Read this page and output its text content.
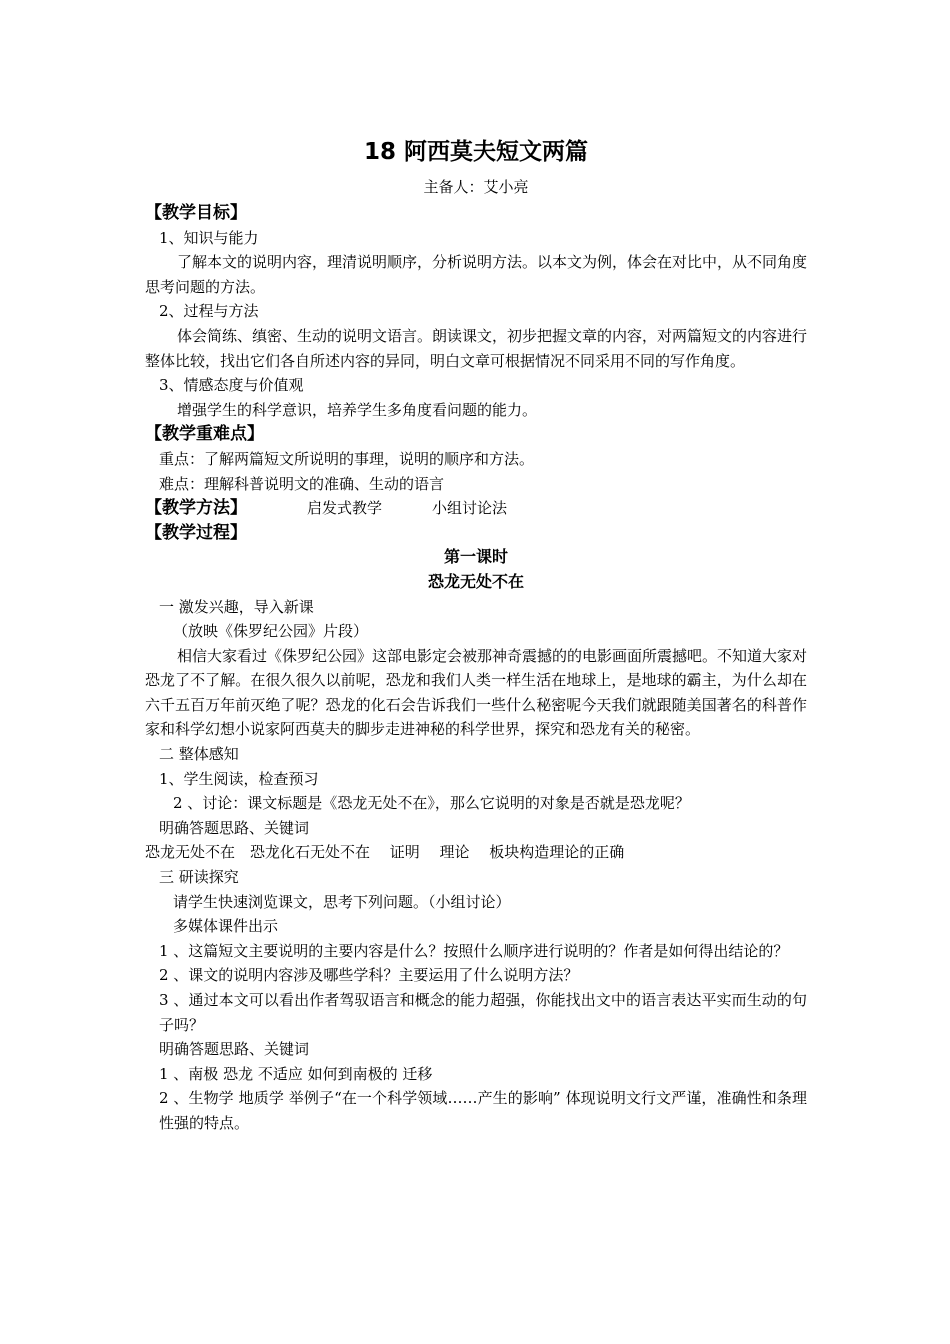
18 阿西莫夫短文两篇
主备人：艾小亮
【教学目标】
1、知识与能力
了解本文的说明内容，理清说明顺序，分析说明方法。以本文为例，体会在对比中，从不同角度思考问题的方法。
2、过程与方法
体会简练、缜密、生动的说明文语言。朗读课文，初步把握文章的内容，对两篇短文的内容进行整体比较，找出它们各自所述内容的异同，明白文章可根据情况不同采用不同的写作角度。
3、情感态度与价值观
增强学生的科学意识，培养学生多角度看问题的能力。
【教学重难点】
重点：了解两篇短文所说明的事理，说明的顺序和方法。
难点：理解科普说明文的准确、生动的语言
【教学方法】	启发式教学	小组讨论法
【教学过程】
第一课时
恐龙无处不在
一 激发兴趣，导入新课
（放映《侏罗纪公园》片段）
相信大家看过《侏罗纪公园》这部电影定会被那神奇震撼的的电影画面所震撼吧。不知道大家对恐龙了不了解。在很久很久以前呢，恐龙和我们人类一样生活在地球上，是地球的霸主，为什么却在六千五百万年前灭绝了呢？恐龙的化石会告诉我们一些什么秘密呢今天我们就跟随美国著名的科普作家和科学幻想小说家阿西莫夫的脚步走进神秘的科学世界，探究和恐龙有关的秘密。
二 整体感知
1、学生阅读，检查预习
2 、讨论：课文标题是《恐龙无处不在》，那么它说明的对象是否就是恐龙呢？
明确答题思路、关键词
恐龙无处不在　恐龙化石无处不在　 证明　 理论　 板块构造理论的正确
三 研读探究
请学生快速浏览课文，思考下列问题。（小组讨论）
多媒体课件出示
1 、这篇短文主要说明的主要内容是什么？按照什么顺序进行说明的？作者是如何得出结论的？
2 、课文的说明内容涉及哪些学科？主要运用了什么说明方法？
3 、通过本文可以看出作者驾驭语言和概念的能力超强，你能找出文中的语言表达平实而生动的句子吗？
明确答题思路、关键词
1 、南极 恐龙 不适应 如何到南极的 迁移
2 、生物学 地质学 举例子“在一个科学领域……产生的影响” 体现说明文行文严谨，准确性和条理性强的特点。
